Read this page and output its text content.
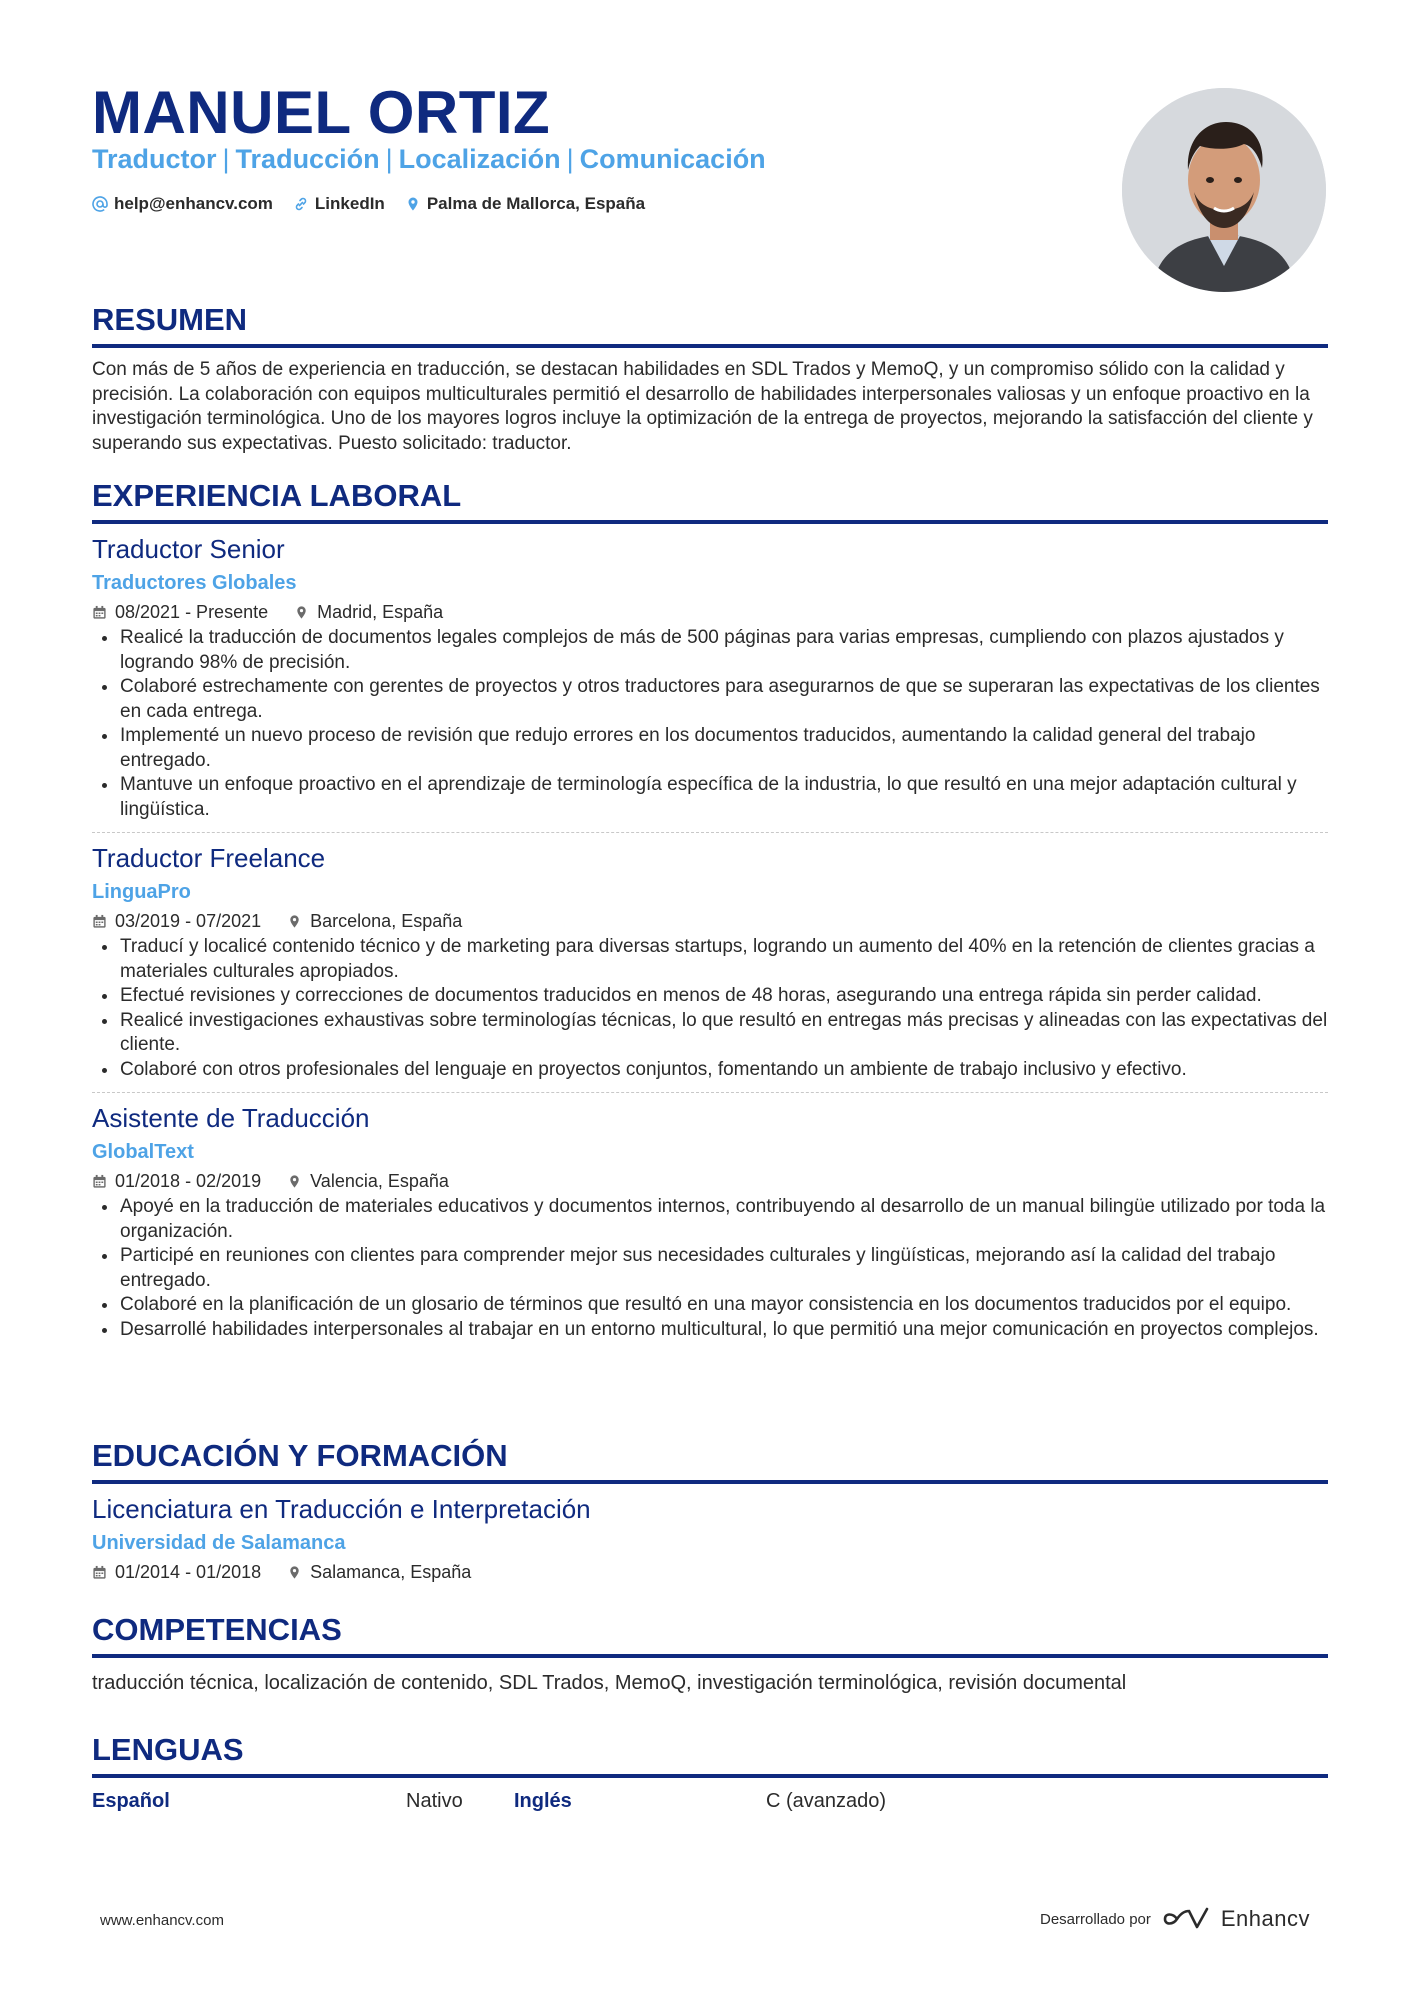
MANUEL ORTIZ
Traductor | Traducción | Localización | Comunicación
help@enhancv.com LinkedIn Palma de Mallorca, España
RESUMEN
Con más de 5 años de experiencia en traducción, se destacan habilidades en SDL Trados y MemoQ, y un compromiso sólido con la calidad y precisión. La colaboración con equipos multiculturales permitió el desarrollo de habilidades interpersonales valiosas y un enfoque proactivo en la investigación terminológica. Uno de los mayores logros incluye la optimización de la entrega de proyectos, mejorando la satisfacción del cliente y superando sus expectativas. Puesto solicitado: traductor.
EXPERIENCIA LABORAL
Traductor Senior
Traductores Globales
08/2021 - Presente	Madrid, España
Realicé la traducción de documentos legales complejos de más de 500 páginas para varias empresas, cumpliendo con plazos ajustados y logrando 98% de precisión.
Colaboré estrechamente con gerentes de proyectos y otros traductores para asegurarnos de que se superaran las expectativas de los clientes en cada entrega.
Implementé un nuevo proceso de revisión que redujo errores en los documentos traducidos, aumentando la calidad general del trabajo entregado.
Mantuve un enfoque proactivo en el aprendizaje de terminología específica de la industria, lo que resultó en una mejor adaptación cultural y lingüística.
Traductor Freelance
LinguaPro
03/2019 - 07/2021	Barcelona, España
Traducí y localicé contenido técnico y de marketing para diversas startups, logrando un aumento del 40% en la retención de clientes gracias a materiales culturales apropiados.
Efectué revisiones y correcciones de documentos traducidos en menos de 48 horas, asegurando una entrega rápida sin perder calidad.
Realicé investigaciones exhaustivas sobre terminologías técnicas, lo que resultó en entregas más precisas y alineadas con las expectativas del cliente.
Colaboré con otros profesionales del lenguaje en proyectos conjuntos, fomentando un ambiente de trabajo inclusivo y efectivo.
Asistente de Traducción
GlobalText
01/2018 - 02/2019	Valencia, España
Apoyé en la traducción de materiales educativos y documentos internos, contribuyendo al desarrollo de un manual bilingüe utilizado por toda la organización.
Participé en reuniones con clientes para comprender mejor sus necesidades culturales y lingüísticas, mejorando así la calidad del trabajo entregado.
Colaboré en la planificación de un glosario de términos que resultó en una mayor consistencia en los documentos traducidos por el equipo.
Desarrollé habilidades interpersonales al trabajar en un entorno multicultural, lo que permitió una mejor comunicación en proyectos complejos.
EDUCACIÓN Y FORMACIÓN
Licenciatura en Traducción e Interpretación
Universidad de Salamanca
01/2014 - 01/2018	Salamanca, España
COMPETENCIAS
traducción técnica, localización de contenido, SDL Trados, MemoQ, investigación terminológica, revisión documental
LENGUAS
Español	Nativo	Inglés	C (avanzado)
www.enhancv.com	Desarrollado por	Enhancv
